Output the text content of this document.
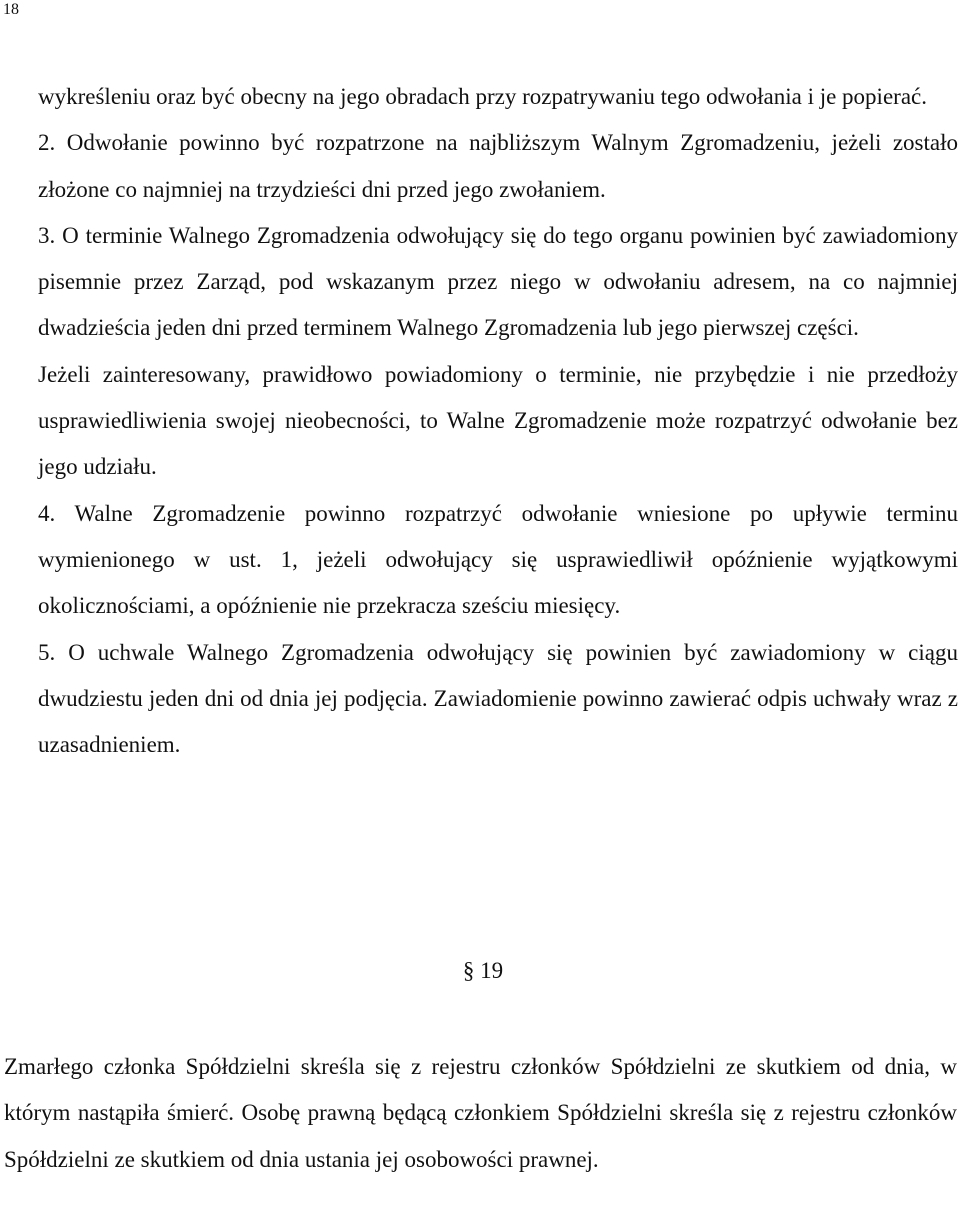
18

wykreśleniu oraz być obecny na jego obradach przy rozpatrywaniu tego odwołania i je popierać.

2. Odwołanie powinno być rozpatrzone na najbliższym Walnym Zgromadzeniu, jeżeli zostało złożone co najmniej na trzydzieści dni przed jego zwołaniem.

3. O terminie Walnego Zgromadzenia odwołujący się do tego organu powinien być zawiadomiony pisemnie przez Zarząd, pod wskazanym przez niego w odwołaniu adresem, na co najmniej dwadzieścia jeden dni przed terminem Walnego Zgromadzenia lub jego pierwszej części.

Jeżeli zainteresowany, prawidłowo powiadomiony o terminie, nie przybędzie i nie przedłoży usprawiedliwienia swojej nieobecności, to Walne Zgromadzenie może rozpatrzyć odwołanie bez jego udziału.

4. Walne Zgromadzenie powinno rozpatrzyć odwołanie wniesione po upływie terminu wymienionego w ust. 1, jeżeli odwołujący się usprawiedliwił opóźnienie wyjątkowymi okolicznościami, a opóźnienie nie przekracza sześciu miesięcy.

5. O uchwale Walnego Zgromadzenia odwołujący się powinien być zawiadomiony w ciągu dwudziestu jeden dni od dnia jej podjęcia. Zawiadomienie powinno zawierać odpis uchwały wraz z uzasadnieniem.

§ 19

Zmarłego członka Spółdzielni skreśla się z rejestru członków Spółdzielni ze skutkiem od dnia, w którym nastąpiła śmierć. Osobę prawną będącą członkiem Spółdzielni skreśla się z rejestru członków Spółdzielni ze skutkiem od dnia ustania jej osobowości prawnej.
